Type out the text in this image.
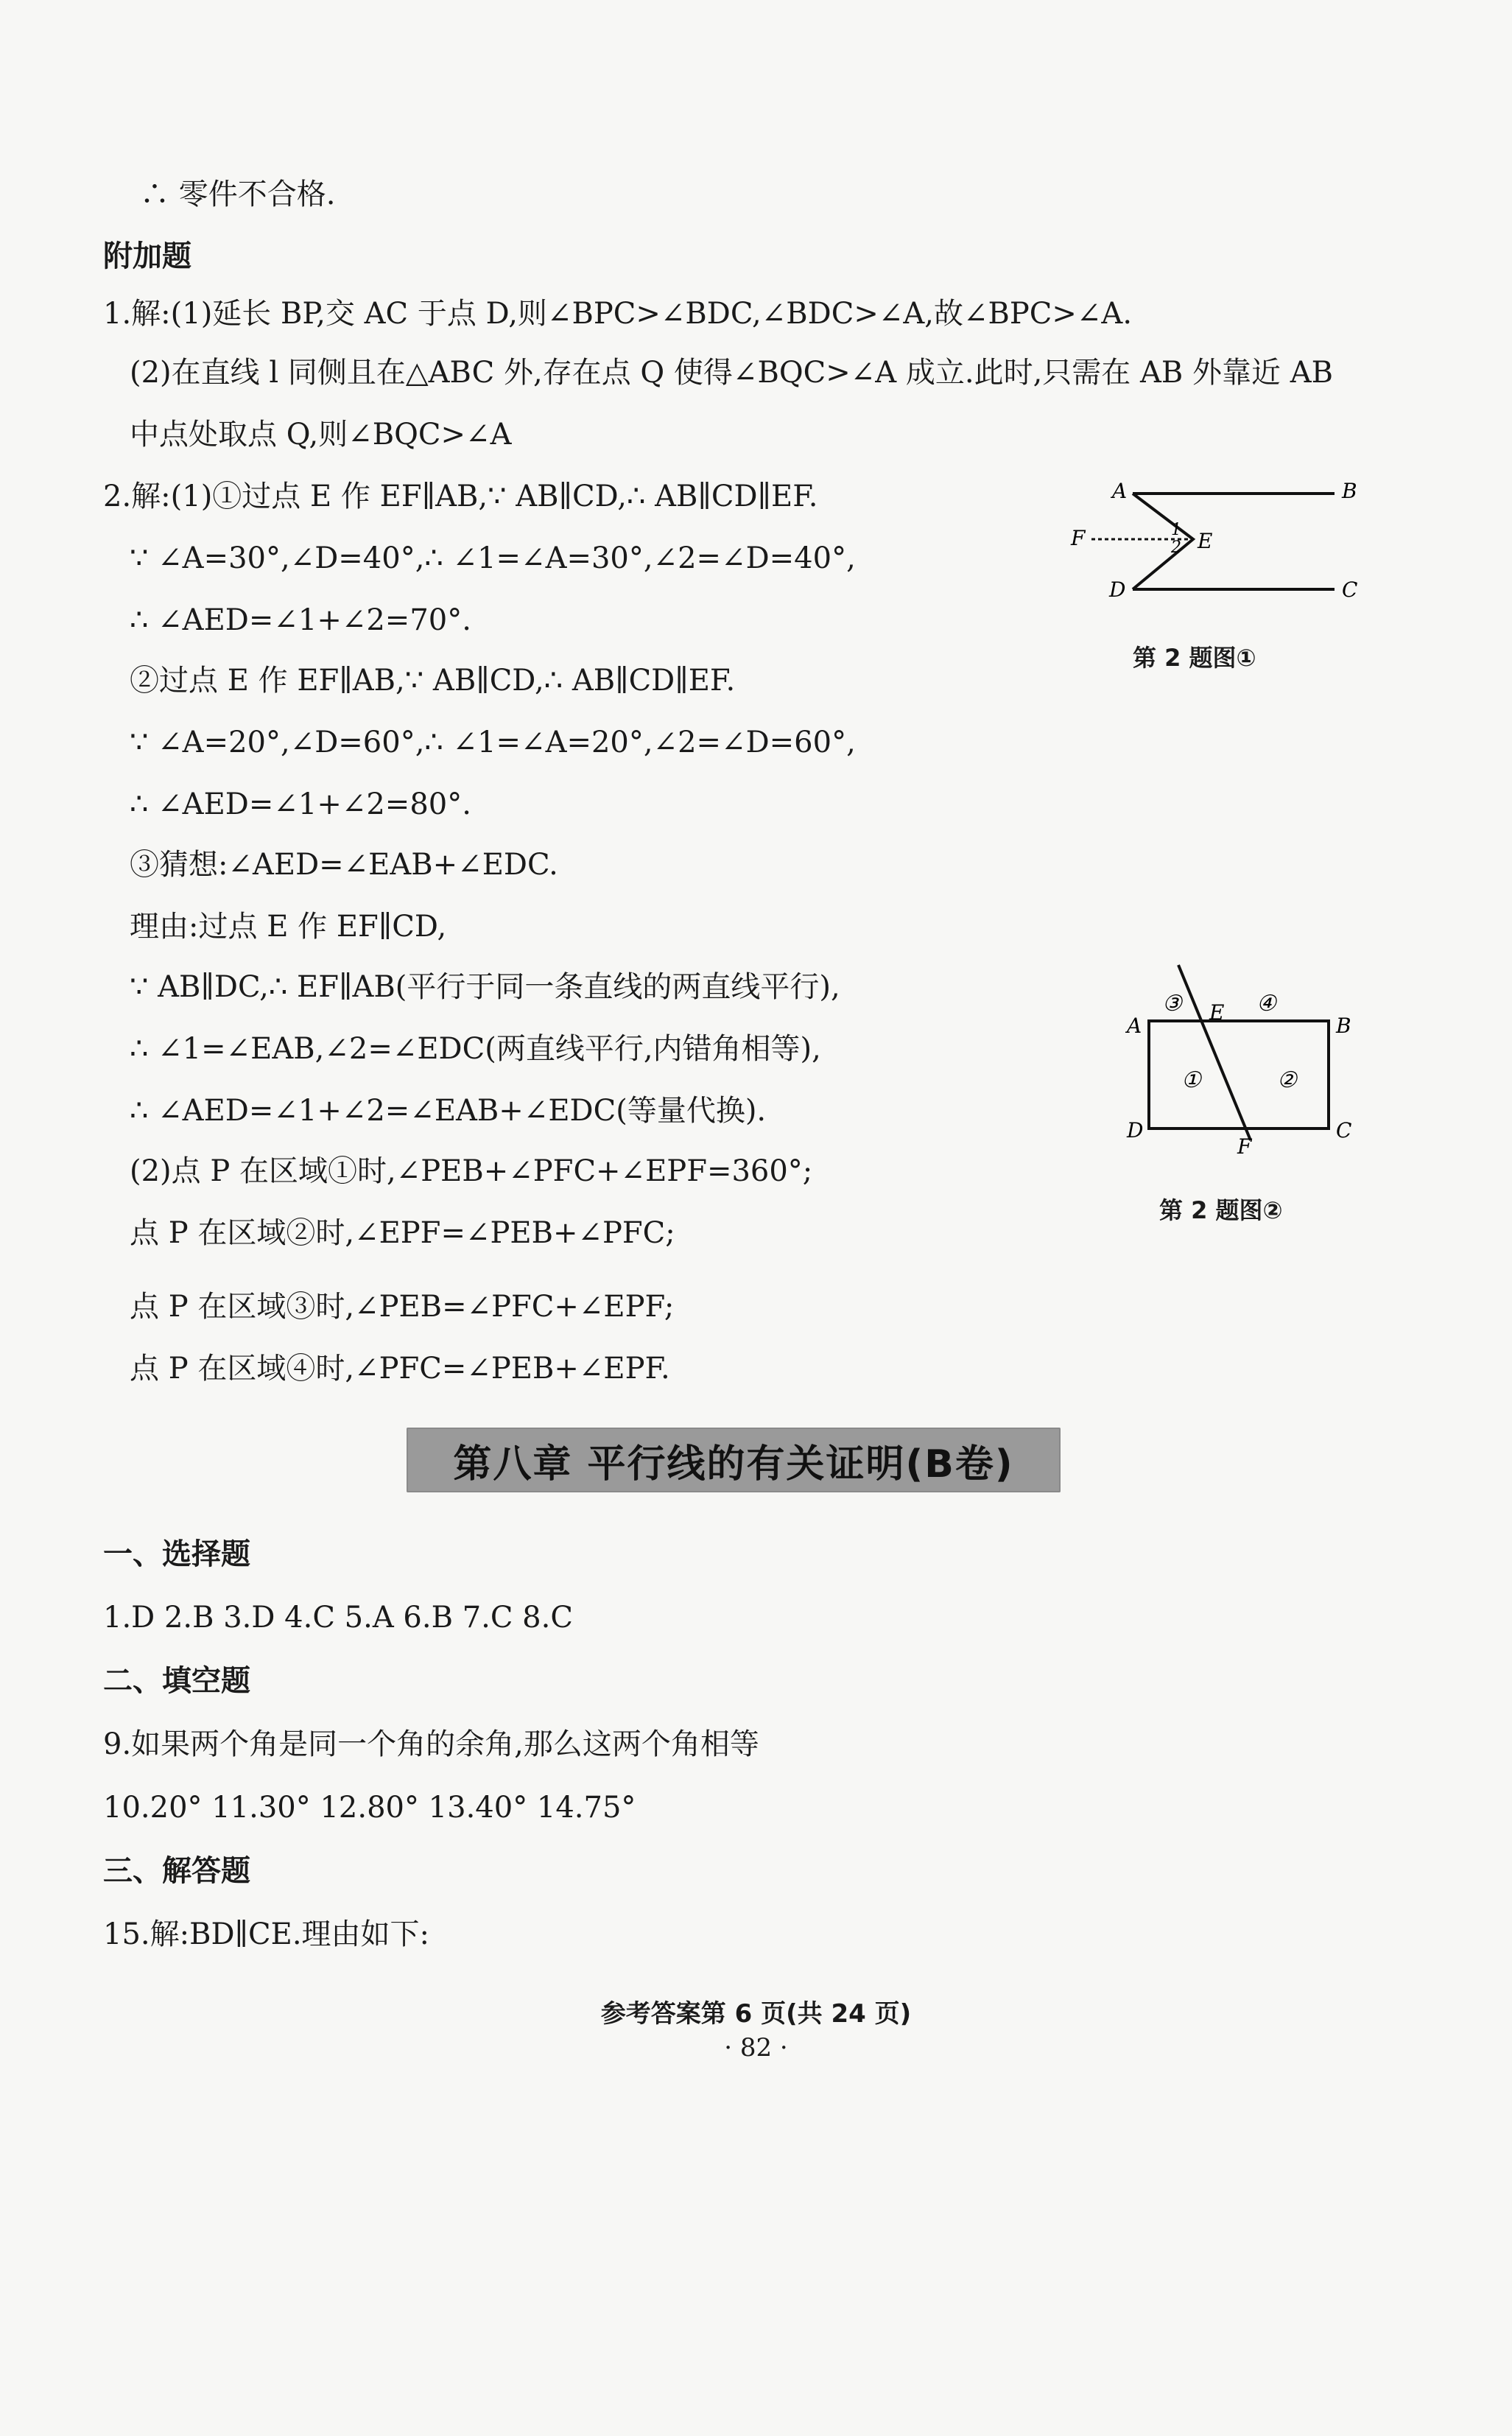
∴ 零件不合格.
附加题
1.解:(1)延长 BP,交 AC 于点 D,则∠BPC>∠BDC,∠BDC>∠A,故∠BPC>∠A.
(2)在直线 l 同侧且在△ABC 外,存在点 Q 使得∠BQC>∠A 成立.此时,只需在 AB 外靠近 AB
中点处取点 Q,则∠BQC>∠A
2.解:(1)①过点 E 作 EF∥AB,∵ AB∥CD,∴ AB∥CD∥EF.
∵ ∠A=30°,∠D=40°,∴ ∠1=∠A=30°,∠2=∠D=40°,
∴ ∠AED=∠1+∠2=70°.
②过点 E 作 EF∥AB,∵ AB∥CD,∴ AB∥CD∥EF.
∵ ∠A=20°,∠D=60°,∴ ∠1=∠A=20°,∠2=∠D=60°,
∴ ∠AED=∠1+∠2=80°.
③猜想:∠AED=∠EAB+∠EDC.
理由:过点 E 作 EF∥CD,
∵ AB∥DC,∴ EF∥AB(平行于同一条直线的两直线平行),
∴ ∠1=∠EAB,∠2=∠EDC(两直线平行,内错角相等),
∴ ∠AED=∠1+∠2=∠EAB+∠EDC(等量代换).
(2)点 P 在区域①时,∠PEB+∠PFC+∠EPF=360°;
点 P 在区域②时,∠EPF=∠PEB+∠PFC;
点 P 在区域③时,∠PEB=∠PFC+∠EPF;
点 P 在区域④时,∠PFC=∠PEB+∠EPF.
第八章 平行线的有关证明(B卷)
一、选择题
1.D 2.B 3.D 4.C 5.A 6.B 7.C 8.C
二、填空题
9.如果两个角是同一个角的余角,那么这两个角相等
10.20° 11.30° 12.80° 13.40° 14.75°
三、解答题
15.解:BD∥CE.理由如下:
A	B
C
D
E
F	1
2
第 2 题图①
A	B
C
D
E
F
③	④
①	②
第 2 题图②
参考答案第 6 页(共 24 页)
· 82 ·
